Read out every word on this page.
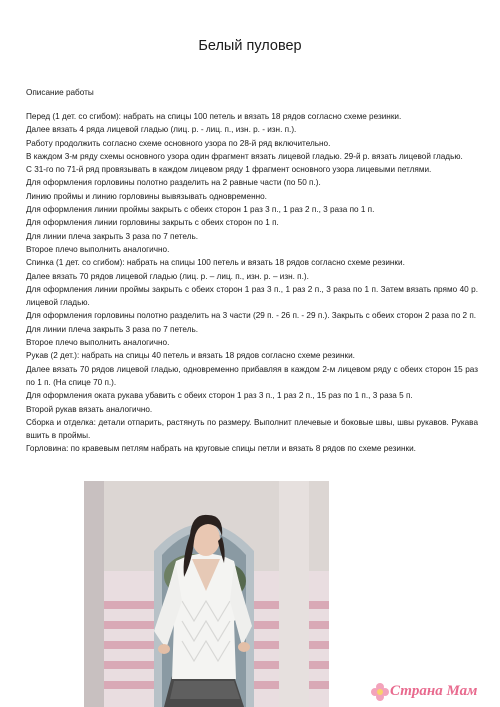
Белый пуловер
Описание работы

Перед (1 дет. со сгибом): набрать на спицы 100 петель и вязать 18 рядов согласно схеме резинки.

Далее вязать 4 ряда лицевой гладью (лиц. р. - лиц. п., изн. р. - изн. п.).

Работу продолжить согласно схеме основного узора по 28-й ряд включительно.

В каждом 3-м ряду схемы основного узора один фрагмент вязать лицевой гладью. 29-й р. вязать лицевой гладью.

С 31-го по 71-й ряд провязывать в каждом лицевом ряду 1 фрагмент основного узора лицевыми петлями.

Для оформления горловины полотно разделить на 2 равные части (по 50 п.).

Линию проймы и линию горловины вывязывать одновременно.

Для оформления линии проймы закрыть с обеих сторон 1 раз 3 п., 1 раз 2 п., 3 раза по 1 п.

Для оформления линии горловины закрыть с обеих сторон по 1 п.

Для линии плеча закрыть 3 раза по 7 петель.

Второе плечо выполнить аналогично.

Спинка (1 дет. со сгибом): набрать на спицы 100 петель и вязать 18 рядов согласно схеме резинки.

Далее вязать 70 рядов лицевой гладью (лиц. р. – лиц. п., изн. р. – изн. п.).

Для оформления линии проймы закрыть с обеих сторон 1 раз 3 п., 1 раз 2 п., 3 раза по 1 п. Затем вязать прямо 40 р. лицевой гладью.

Для оформления горловины полотно разделить на 3 части (29 п. - 26 п. - 29 п.). Закрыть с обеих сторон 2 раза по 2 п.

Для линии плеча закрыть 3 раза по 7 петель.

Второе плечо выполнить аналогично.

Рукав (2 дет.): набрать на спицы 40 петель и вязать 18 рядов согласно схеме резинки.

Далее вязать 70 рядов лицевой гладью, одновременно прибавляя в каждом 2-м лицевом ряду с обеих сторон 15 раз по 1 п. (На спице 70 п.).

Для оформления оката рукава убавить с обеих сторон 1 раз 3 п., 1 раз 2 п., 15 раз по 1 п., 3 раза 5 п.

Второй рукав вязать аналогично.

Сборка и отделка: детали отпарить, растянуть по размеру. Выполнит плечевые и боковые швы, швы рукавов. Рукава вшить в проймы.

Горловина: по кравевым петлям набрать на круговые спицы петли и вязать 8 рядов по схеме резинки.

Страна Мам
